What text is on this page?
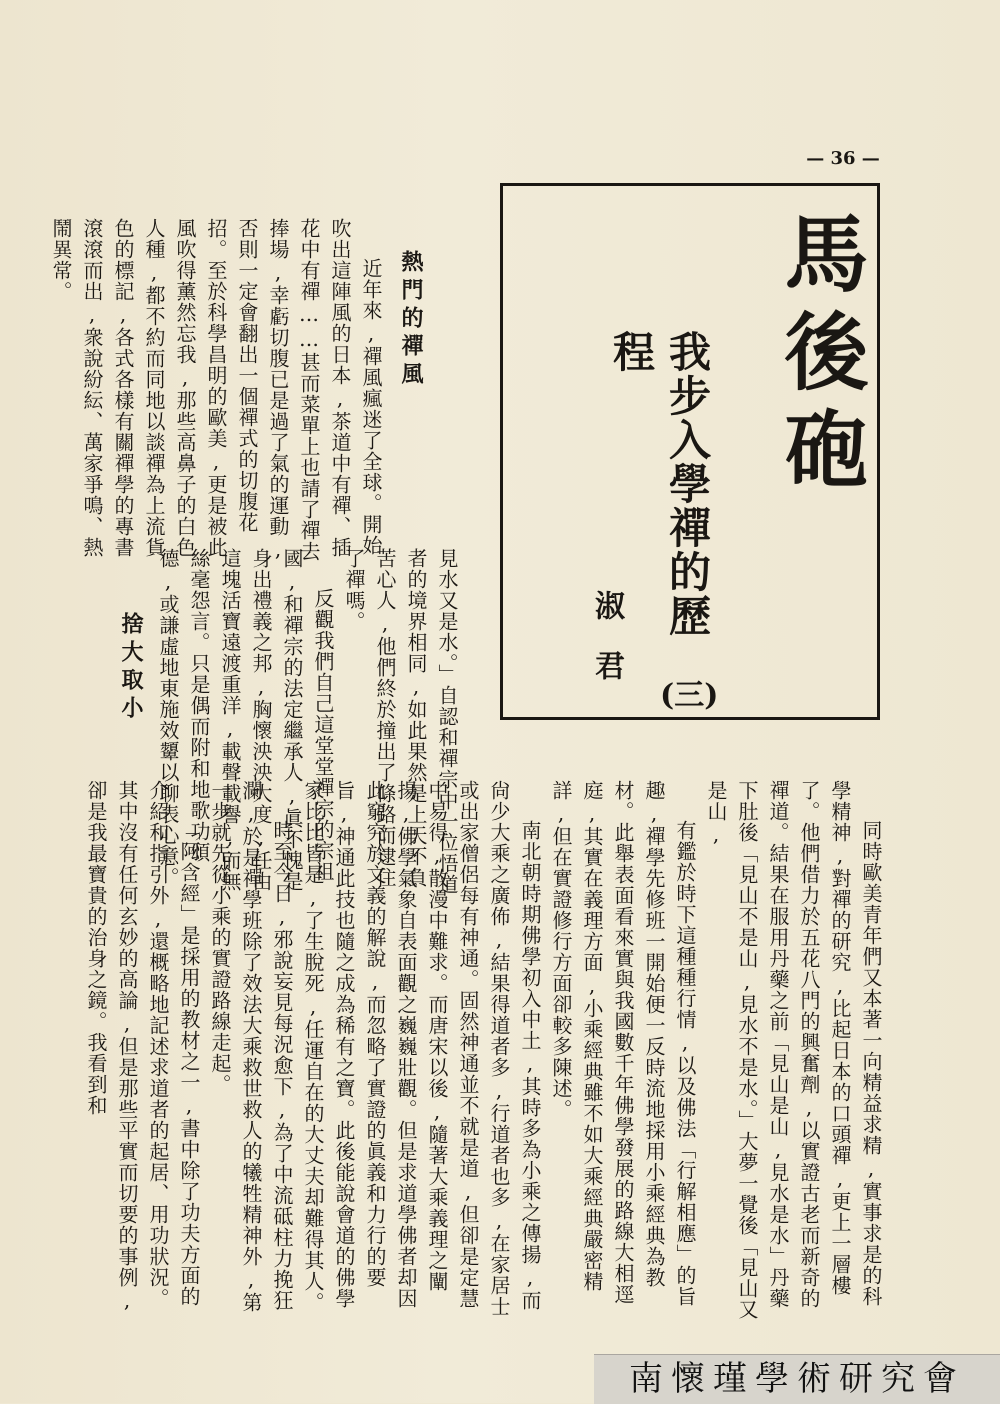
— 36 —
馬後砲
我步入學禪的歷程
(三)
淑君
熱門的禪風

近年來,禪風瘋迷了全球。開始吹出這陣風的日本,茶道中有禪、插花中有禪……甚而菜單上也請了禪去捧場,幸虧切腹已是過了氣的運動,否則一定會翻出一個禪式的切腹花招。至於科學昌明的歐美,更是被此風吹得薰然忘我,那些高鼻子的白色人種,都不約而同地以談禪為上流貨色的標記,各式各樣有關禪學的專書滾滾而出,衆說紛紜、萬家爭鳴、熱鬧異常。

見水又是水。」自認和禪宗中一位悟道者的境界相同,如此果然是上天不負苦心人,他們終於撞出了條路而逮住了禪嗎。

反觀我們自己這堂堂禪宗的宗祖國,和禪宗的法定繼承人,眞不愧是身出禮義之邦,胸懷泱泱大度,任由這塊活寶遠渡重洋,載聲載譽,而無絲毫怨言。只是偶而附和地歌功頌德,或謙虛地東施效顰以聊表心意。

捨大取小

同時歐美青年們又本著一向精益求精,實事求是的科學精神,對禪的研究,比起日本的口頭禪,更上一層樓了。他們借力於五花八門的興奮劑,以實證古老而新奇的禪道。結果在服用丹藥之前「見山是山,見水是水」丹藥下肚後「見山不是山,見水不是水。」大夢一覺後「見山又是山,

有鑑於時下這種種行情,以及佛法「行解相應」的旨趣,禪學先修班一開始便一反時流地採用小乘經典為教材。此舉表面看來實與我國數千年佛學發展的路線大相逕庭,其實在義理方面,小乘經典雖不如大乘經典嚴密精詳,但在實證修行方面卻較多陳述。

南北朝時期佛學初入中土,其時多為小乘之傳揚,而尙少大乘之廣佈,結果得道者多,行道者也多,在家居士或出家僧侶每有神通。固然神通並不就是道,但卻是定慧中易得,散漫中難求。而唐宋以後,隨著大乘義理之闡揚,佛學氣象自表面觀之巍巍壯觀。但是求道學佛者却因此窮究於文義的解說,而忽略了實證的眞義和力行的要旨,神通此技也隨之成為稀有之寶。此後能說會道的佛學家比比皆是,了生脫死,任運自在的大丈夫却難得其人。

時至今日,邪說妄見每況愈下,為了中流砥柱力挽狂瀾,於是禪學班除了效法大乘救世救人的犧牲精神外,第一步就先從小乘的實證路線走起。

「阿含經」是採用的教材之一,書中除了功夫方面的介紹和指引外,還概略地記述求道者的起居、用功狀況。其中沒有任何玄妙的高論,但是那些平實而切要的事例,卻是我最寶貴的治身之鏡。我看到和

南懷瑾學術研究會
